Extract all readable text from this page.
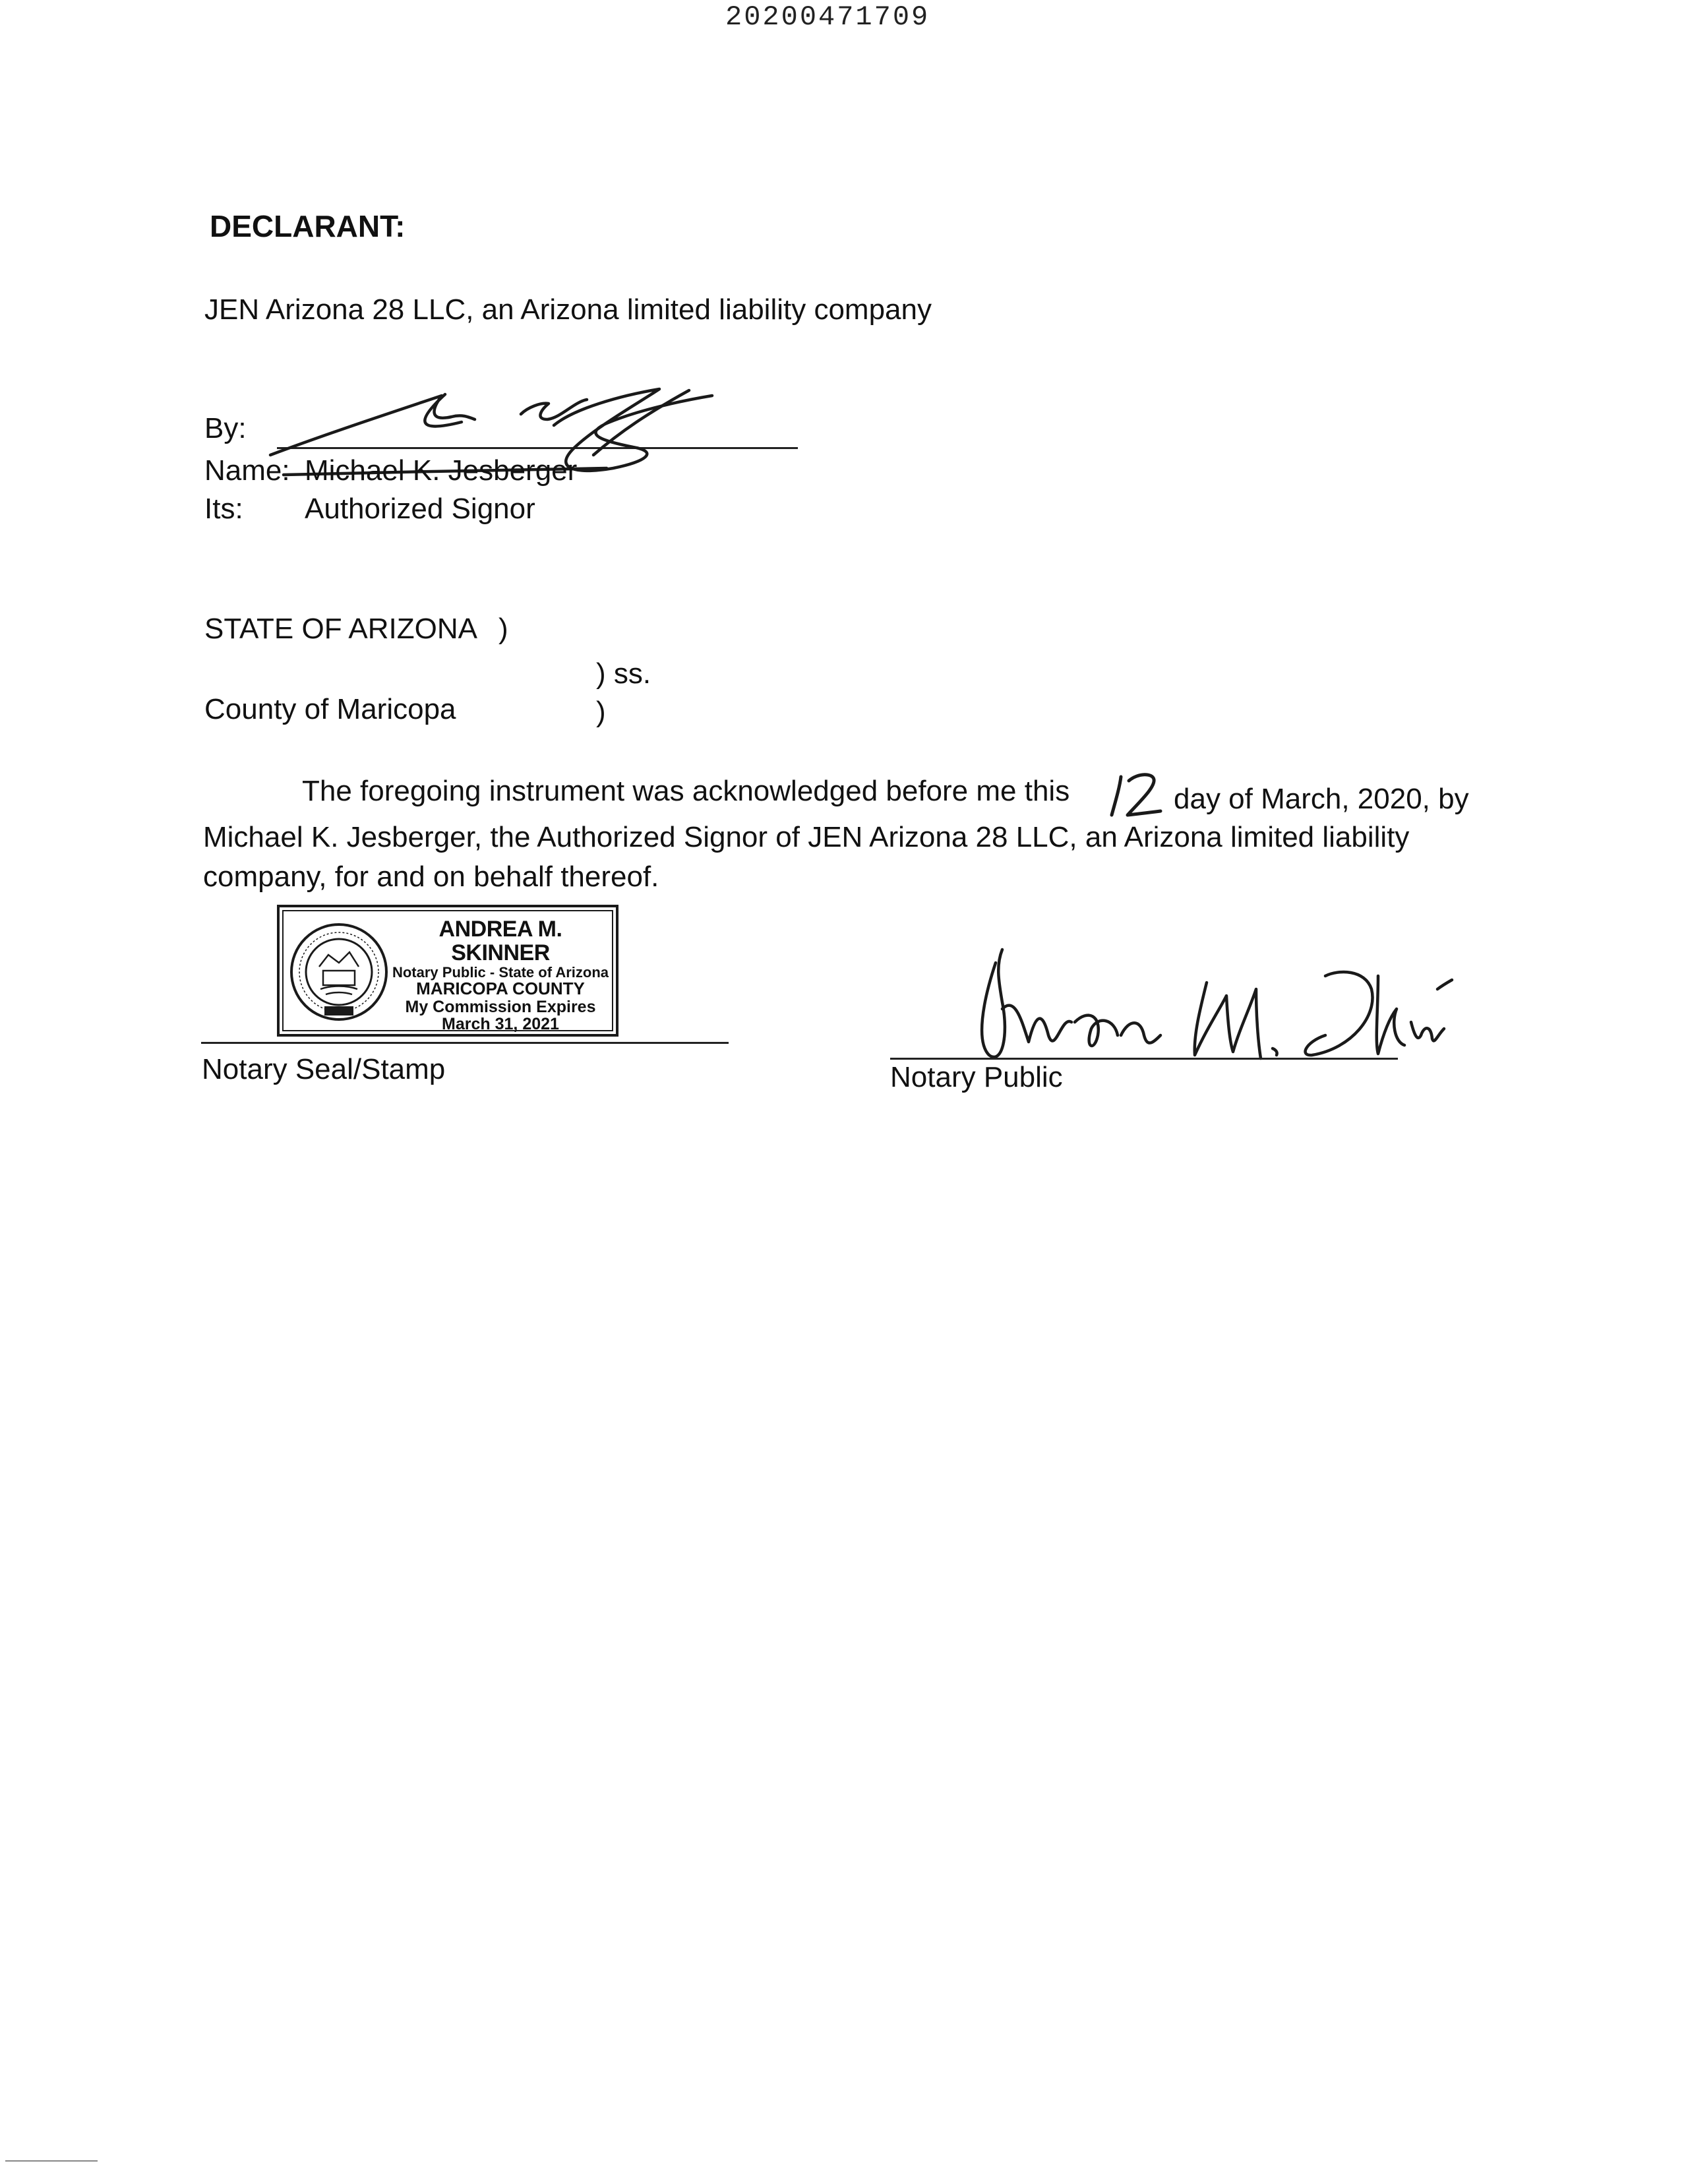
20200471709
DECLARANT:
JEN Arizona 28 LLC, an Arizona limited liability company
By:
Name: Michael K. Jesberger
Its: Authorized Signor
STATE OF ARIZONA )
) ss.
County of Maricopa	)
The foregoing instrument was acknowledged before me this	day of March, 2020, by
Michael K. Jesberger, the Authorized Signor of JEN Arizona 28 LLC, an Arizona limited liability
company, for and on behalf thereof.
ANDREA M. SKINNER
Notary Public - State of Arizona
MARICOPA COUNTY
My Commission Expires
March 31, 2021
Notary Seal/Stamp	Notary Public
